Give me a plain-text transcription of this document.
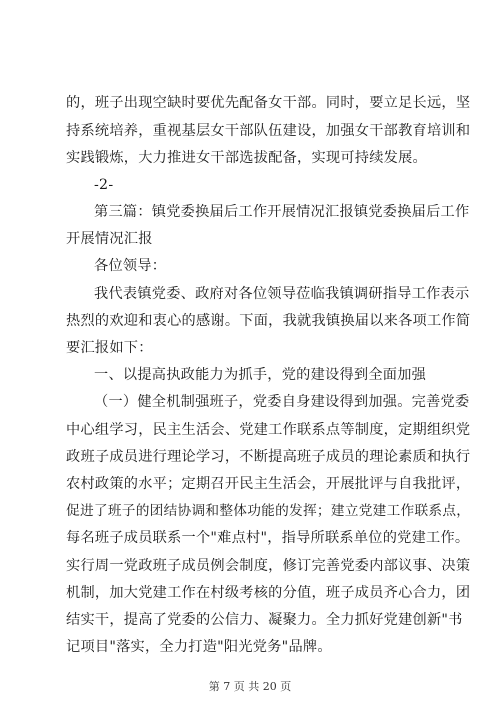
的，班子出现空缺时要优先配备女干部。同时，要立足长远，坚
持系统培养，重视基层女干部队伍建设，加强女干部教育培训和
实践锻炼，大力推进女干部选拔配备，实现可持续发展。
-2-
第三篇：镇党委换届后工作开展情况汇报镇党委换届后工作
开展情况汇报
各位领导：
我代表镇党委、政府对各位领导莅临我镇调研指导工作表示
热烈的欢迎和衷心的感谢。下面，我就我镇换届以来各项工作简
要汇报如下：
一、以提高执政能力为抓手，党的建设得到全面加强
（一）健全机制强班子，党委自身建设得到加强。完善党委
中心组学习，民主生活会、党建工作联系点等制度，定期组织党
政班子成员进行理论学习，不断提高班子成员的理论素质和执行
农村政策的水平；定期召开民主生活会，开展批评与自我批评，
促进了班子的团结协调和整体功能的发挥；建立党建工作联系点，
每名班子成员联系一个"难点村"，指导所联系单位的党建工作。
实行周一党政班子成员例会制度，修订完善党委内部议事、决策
机制，加大党建工作在村级考核的分值，班子成员齐心合力，团
结实干，提高了党委的公信力、凝聚力。全力抓好党建创新"书
记项目"落实，全力打造"阳光党务"品牌。
第 7 页 共 20 页
